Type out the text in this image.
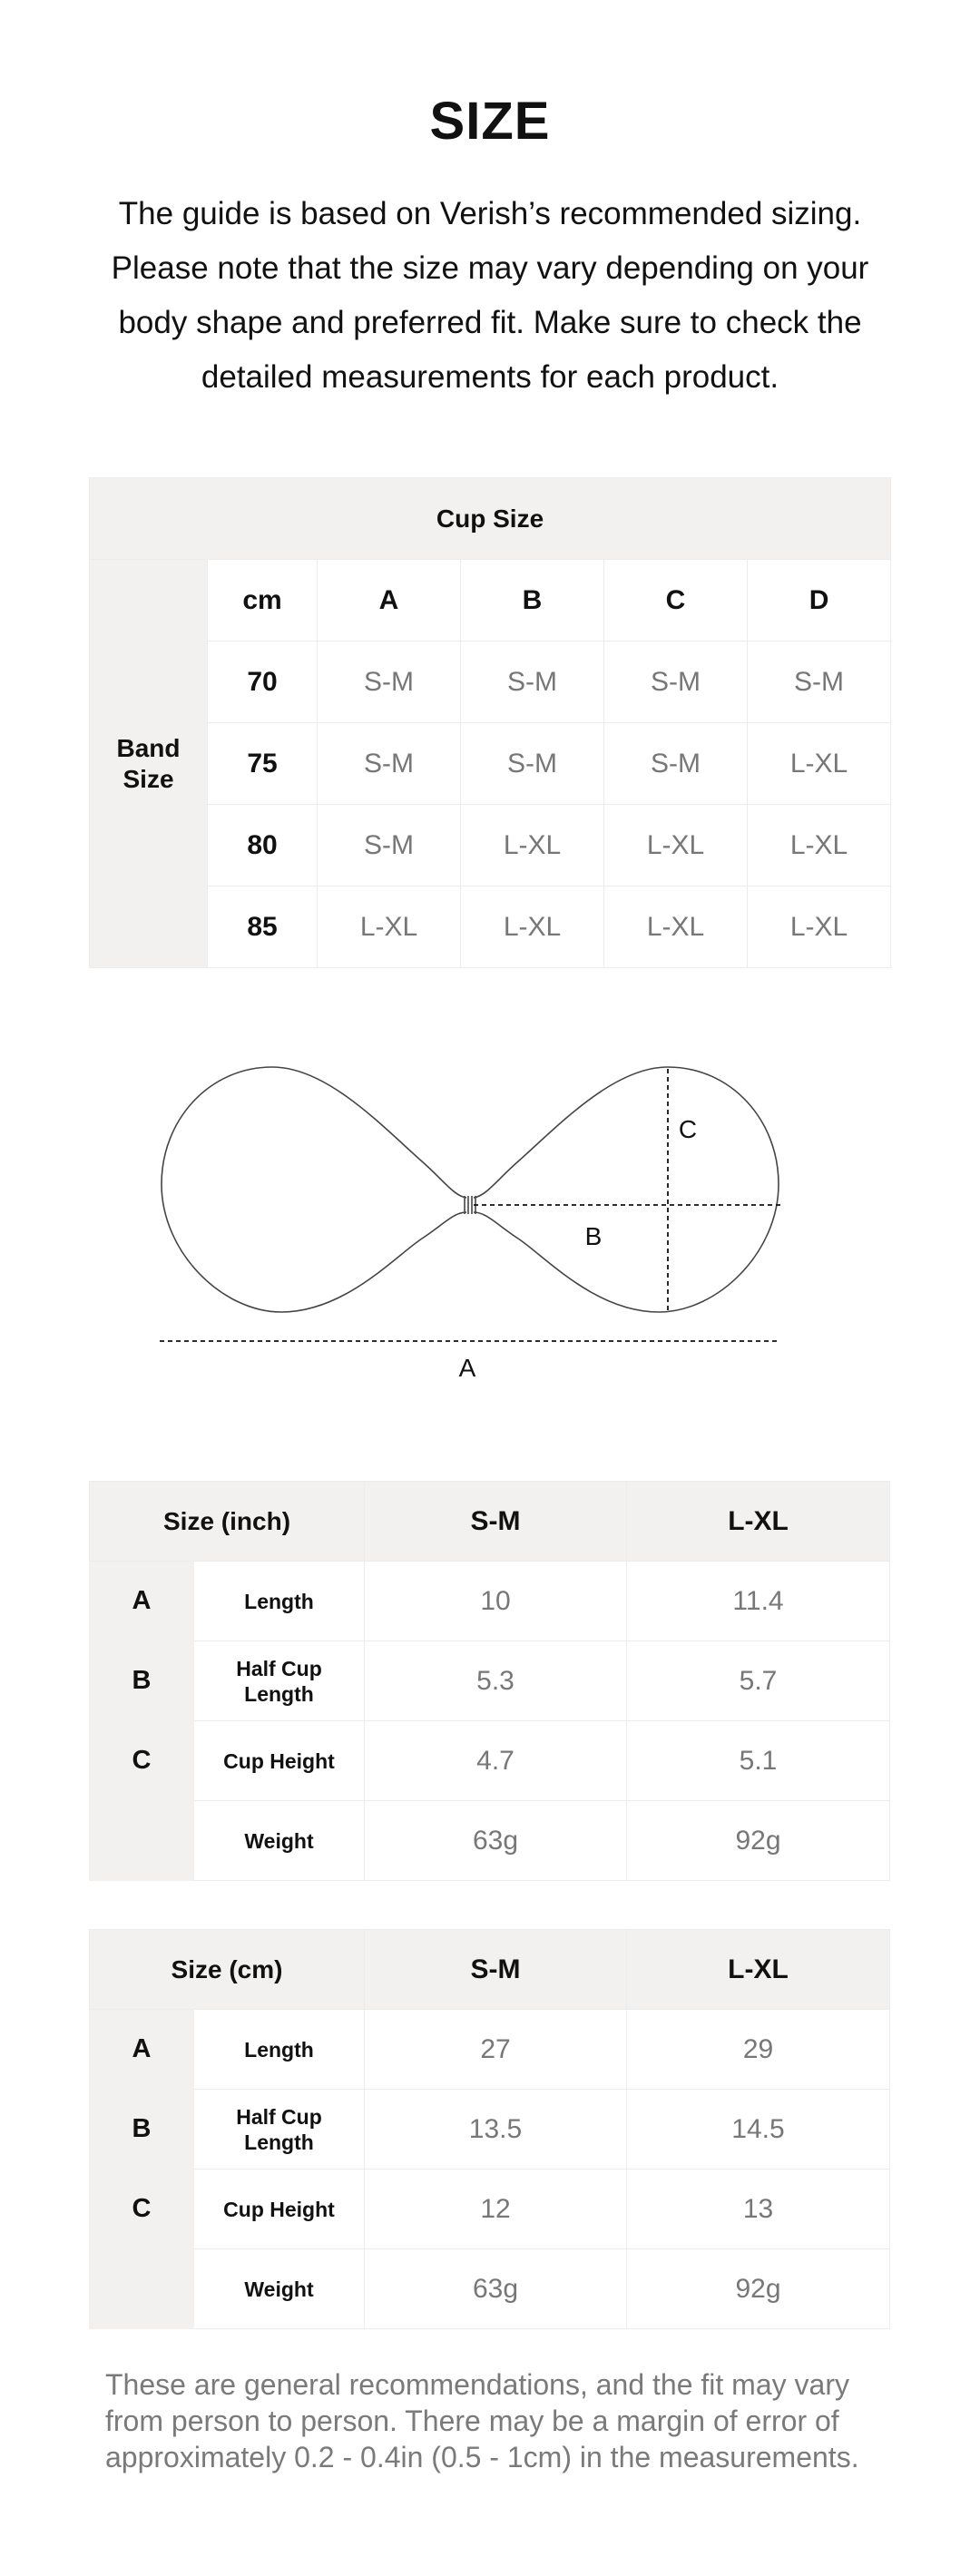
SIZE
The guide is based on Verish’s recommended sizing. Please note that the size may vary depending on your body shape and preferred fit. Make sure to check the detailed measurements for each product.
Cup Size					

Band Size	cm	A	B	C	D
	70	S-M	S-M	S-M	S-M
	75	S-M	S-M	S-M	L-XL
	80	S-M	L-XL	L-XL	L-XL
	85	L-XL	L-XL	L-XL	L-XL
A
B
C
Size (inch)		S-M	L-XL
A	Length	10	11.4
B	Half Cup Length	5.3	5.7
C	Cup Height	4.7	5.1
	Weight	63g	92g
Size (cm)		S-M	L-XL
A	Length	27	29
B	Half Cup Length	13.5	14.5
C	Cup Height	12	13
	Weight	63g	92g
These are general recommendations, and the fit may vary from person to person. There may be a margin of error of approximately 0.2 - 0.4in (0.5 - 1cm) in the measurements.
